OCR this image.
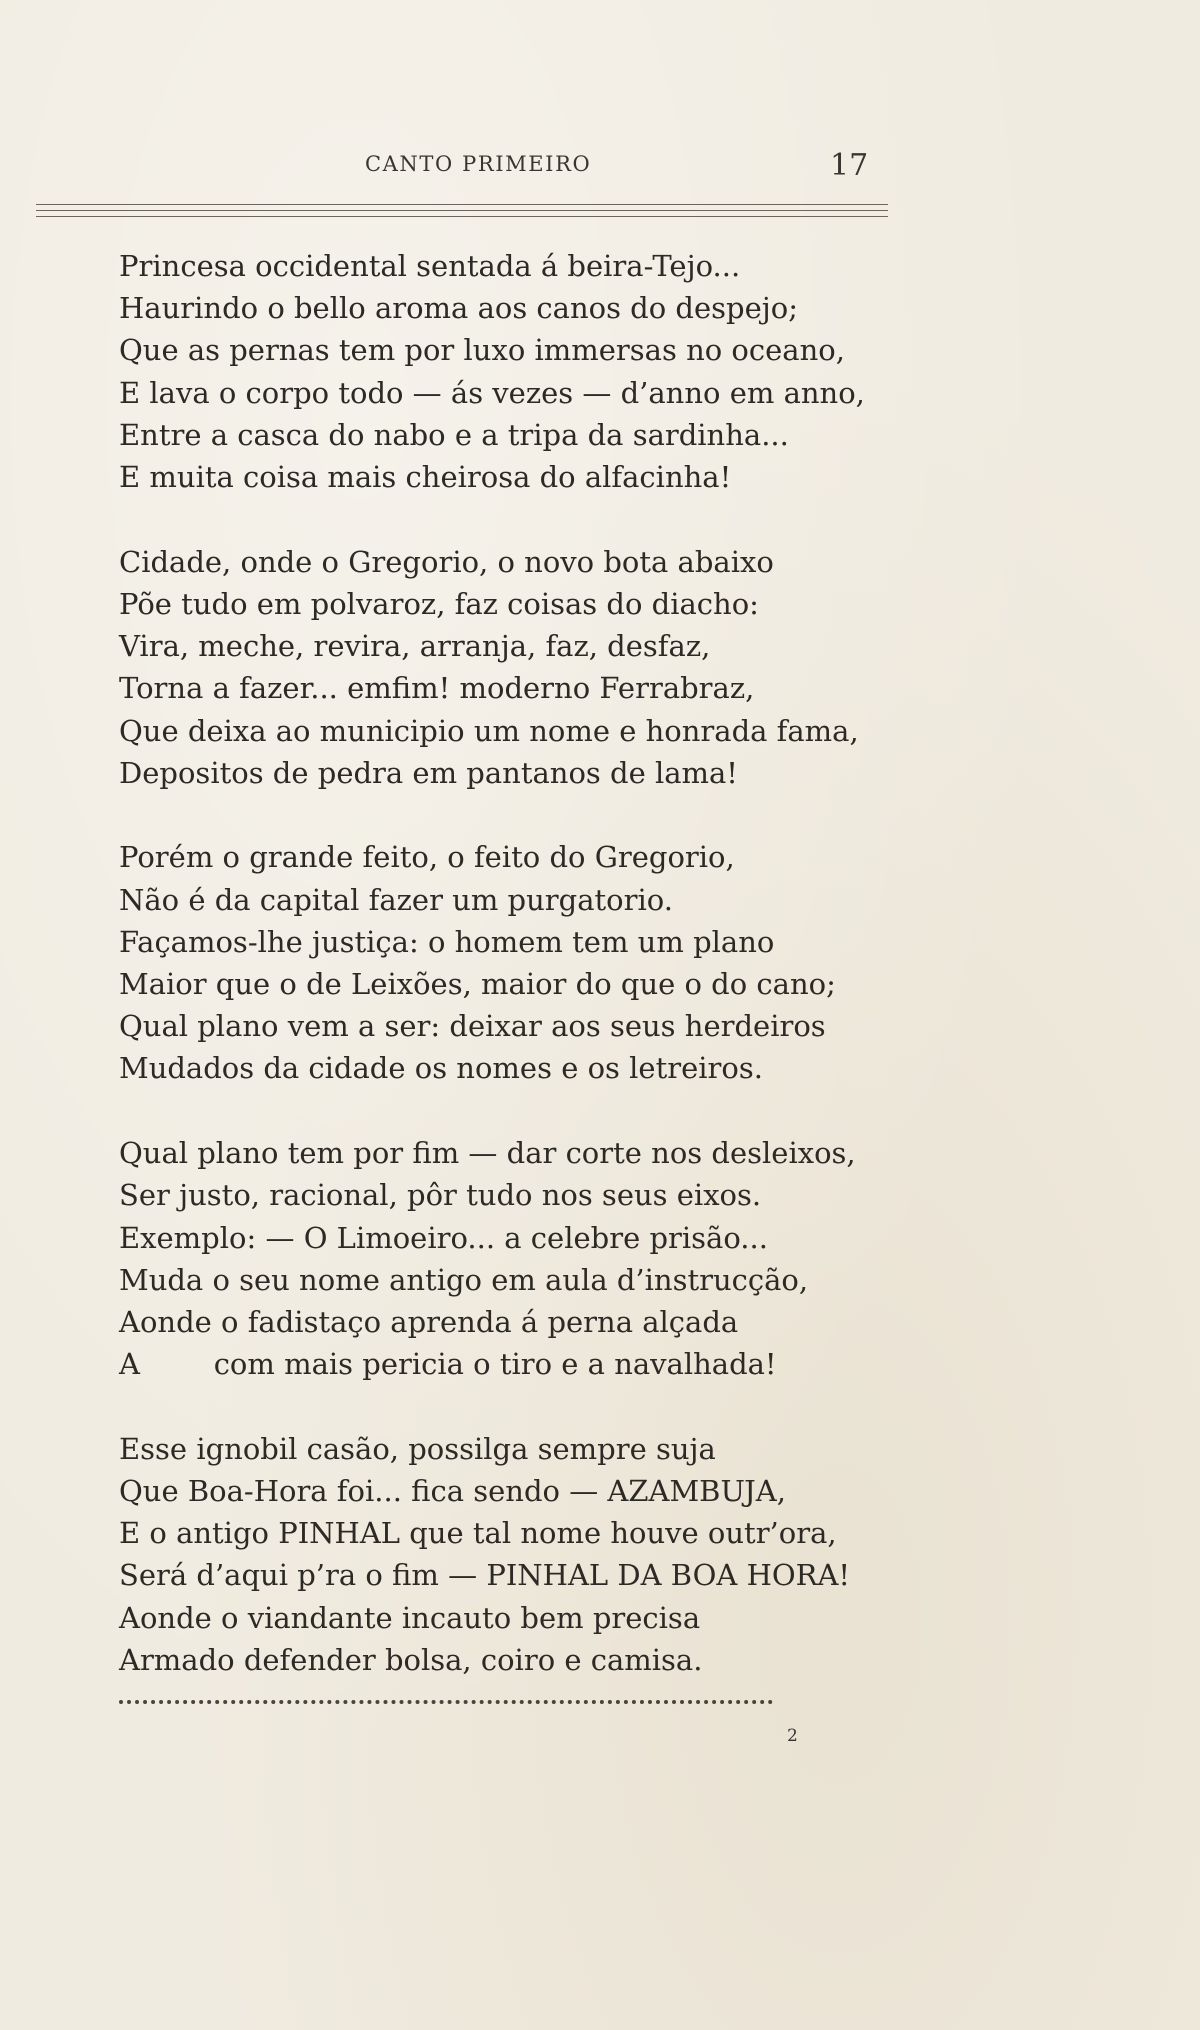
CANTO PRIMEIRO	17
Princesa occidental sentada á beira-Tejo...
Haurindo o bello aroma aos canos do despejo;
Que as pernas tem por luxo immersas no oceano,
E lava o corpo todo — ás vezes — d’anno em anno,
Entre a casca do nabo e a tripa da sardinha...
E muita coisa mais cheirosa do alfacinha!
Cidade, onde o Gregorio, o novo bota abaixo
Põe tudo em polvaroz, faz coisas do diacho:
Vira, meche, revira, arranja, faz, desfaz,
Torna a fazer... emfim! moderno Ferrabraz,
Que deixa ao municipio um nome e honrada fama,
Depositos de pedra em pantanos de lama!
Porém o grande feito, o feito do Gregorio,
Não é da capital fazer um purgatorio.
Façamos-lhe justiça: o homem tem um plano
Maior que o de Leixões, maior do que o do cano;
Qual plano vem a ser: deixar aos seus herdeiros
Mudados da cidade os nomes e os letreiros.
Qual plano tem por fim — dar corte nos desleixos,
Ser justo, racional, pôr tudo nos seus eixos.
Exemplo: — O Limoeiro... a celebre prisão...
Muda o seu nome antigo em aula d’instrucção,
Aonde o fadistaço aprenda á perna alçada
A        com mais pericia o tiro e a navalhada!
Esse ignobil casão, possilga sempre suja
Que Boa-Hora foi... fica sendo — AZAMBUJA,
E o antigo PINHAL que tal nome houve outr’ora,
Será d’aqui p’ra o fim — PINHAL DA BOA HORA!
Aonde o viandante incauto bem precisa
Armado defender bolsa, coiro e camisa.
2
